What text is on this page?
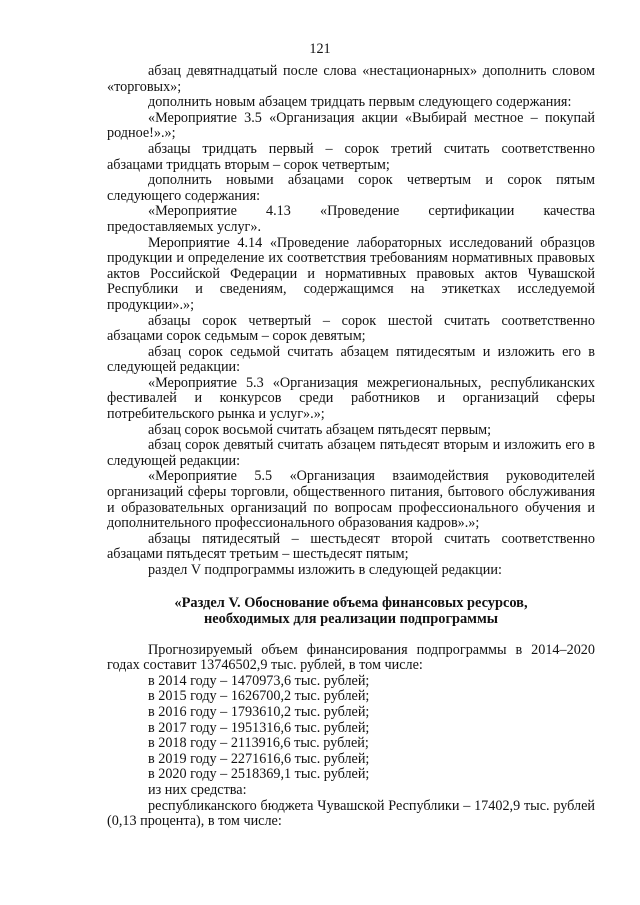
121

абзац девятнадцатый после слова «нестационарных» дополнить словом «торговых»;

дополнить новым абзацем тридцать первым следующего содержания:

«Мероприятие 3.5 «Организация акции «Выбирай местное – покупай родное!».»;

абзацы тридцать первый – сорок третий считать соответственно абзацами тридцать вторым – сорок четвертым;

дополнить новыми абзацами сорок четвертым и сорок пятым следующего содержания:

«Мероприятие 4.13 «Проведение сертификации качества предоставляемых услуг».

Мероприятие 4.14 «Проведение лабораторных исследований образцов продукции и определение их соответствия требованиям нормативных правовых актов Российской Федерации и нормативных правовых актов Чувашской Республики и сведениям, содержащимся на этикетках исследуемой продукции».»;

абзацы сорок четвертый – сорок шестой считать соответственно абзацами сорок седьмым – сорок девятым;

абзац сорок седьмой считать абзацем пятидесятым и изложить его в следующей редакции:

«Мероприятие 5.3 «Организация межрегиональных, республиканских фестивалей и конкурсов среди работников и организаций сферы потребительского рынка и услуг».»;

абзац сорок восьмой считать абзацем пятьдесят первым;

абзац сорок девятый считать абзацем пятьдесят вторым и изложить его в следующей редакции:

«Мероприятие 5.5 «Организация взаимодействия руководителей организаций сферы торговли, общественного питания, бытового обслуживания и образовательных организаций по вопросам профессионального обучения и дополнительного профессионального образования кадров».»;

абзацы пятидесятый – шестьдесят второй считать соответственно абзацами пятьдесят третьим – шестьдесят пятым;

раздел V подпрограммы изложить в следующей редакции:

«Раздел V. Обоснование объема финансовых ресурсов,

необходимых для реализации подпрограммы

Прогнозируемый объем финансирования подпрограммы в 2014–2020 годах составит 13746502,9 тыс. рублей, в том числе:

в 2014 году – 1470973,6 тыс. рублей;

в 2015 году – 1626700,2 тыс. рублей;

в 2016 году – 1793610,2 тыс. рублей;

в 2017 году – 1951316,6 тыс. рублей;

в 2018 году – 2113916,6 тыс. рублей;

в 2019 году – 2271616,6 тыс. рублей;

в 2020 году – 2518369,1 тыс. рублей;

из них средства:

республиканского бюджета Чувашской Республики – 17402,9 тыс. рублей (0,13 процента), в том числе:
